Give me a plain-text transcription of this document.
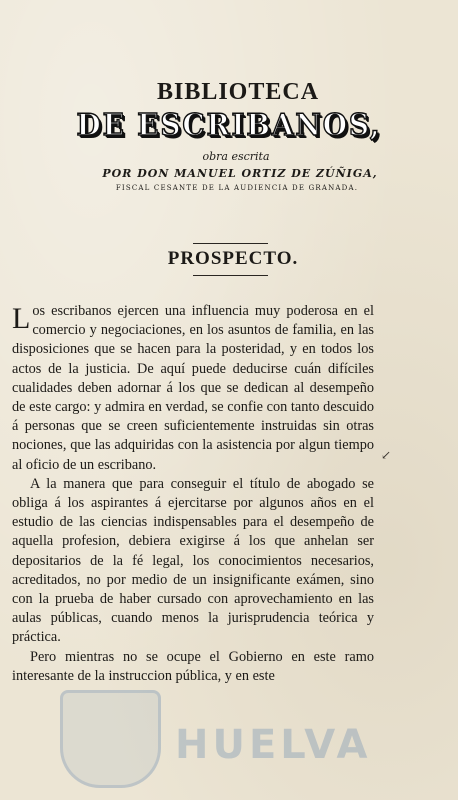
BIBLIOTECA
DE ESCRIBANOS,
obra escrita
POR DON MANUEL ORTIZ DE ZÚÑIGA,
FISCAL CESANTE DE LA AUDIENCIA DE GRANADA.
PROSPECTO.

Los escribanos ejercen una influencia muy poderosa en el comercio y negociaciones, en los asuntos de familia, en las disposiciones que se hacen para la posteridad, y en todos los actos de la justicia. De aquí puede deducirse cuán difíciles cualidades deben adornar á los que se dedican al desempeño de este cargo: y admira en verdad, se confie con tanto descuido á personas que se creen suficientemente instruidas sin otras nociones, que las adquiridas con la asistencia por algun tiempo al oficio de un escribano.

A la manera que para conseguir el título de abogado se obliga á los aspirantes á ejercitarse por algunos años en el estudio de las ciencias indispensables para el desempeño de aquella profesion, debiera exigirse á los que anhelan ser depositarios de la fé legal, los conocimientos necesarios, acreditados, no por medio de un insignificante exámen, sino con la prueba de haber cursado con aprovechamiento en las aulas públicas, cuando menos la jurisprudencia teórica y práctica.

Pero mientras no se ocupe el Gobierno en este ramo interesante de la instruccion pública, y en este

↙
HUELVA
